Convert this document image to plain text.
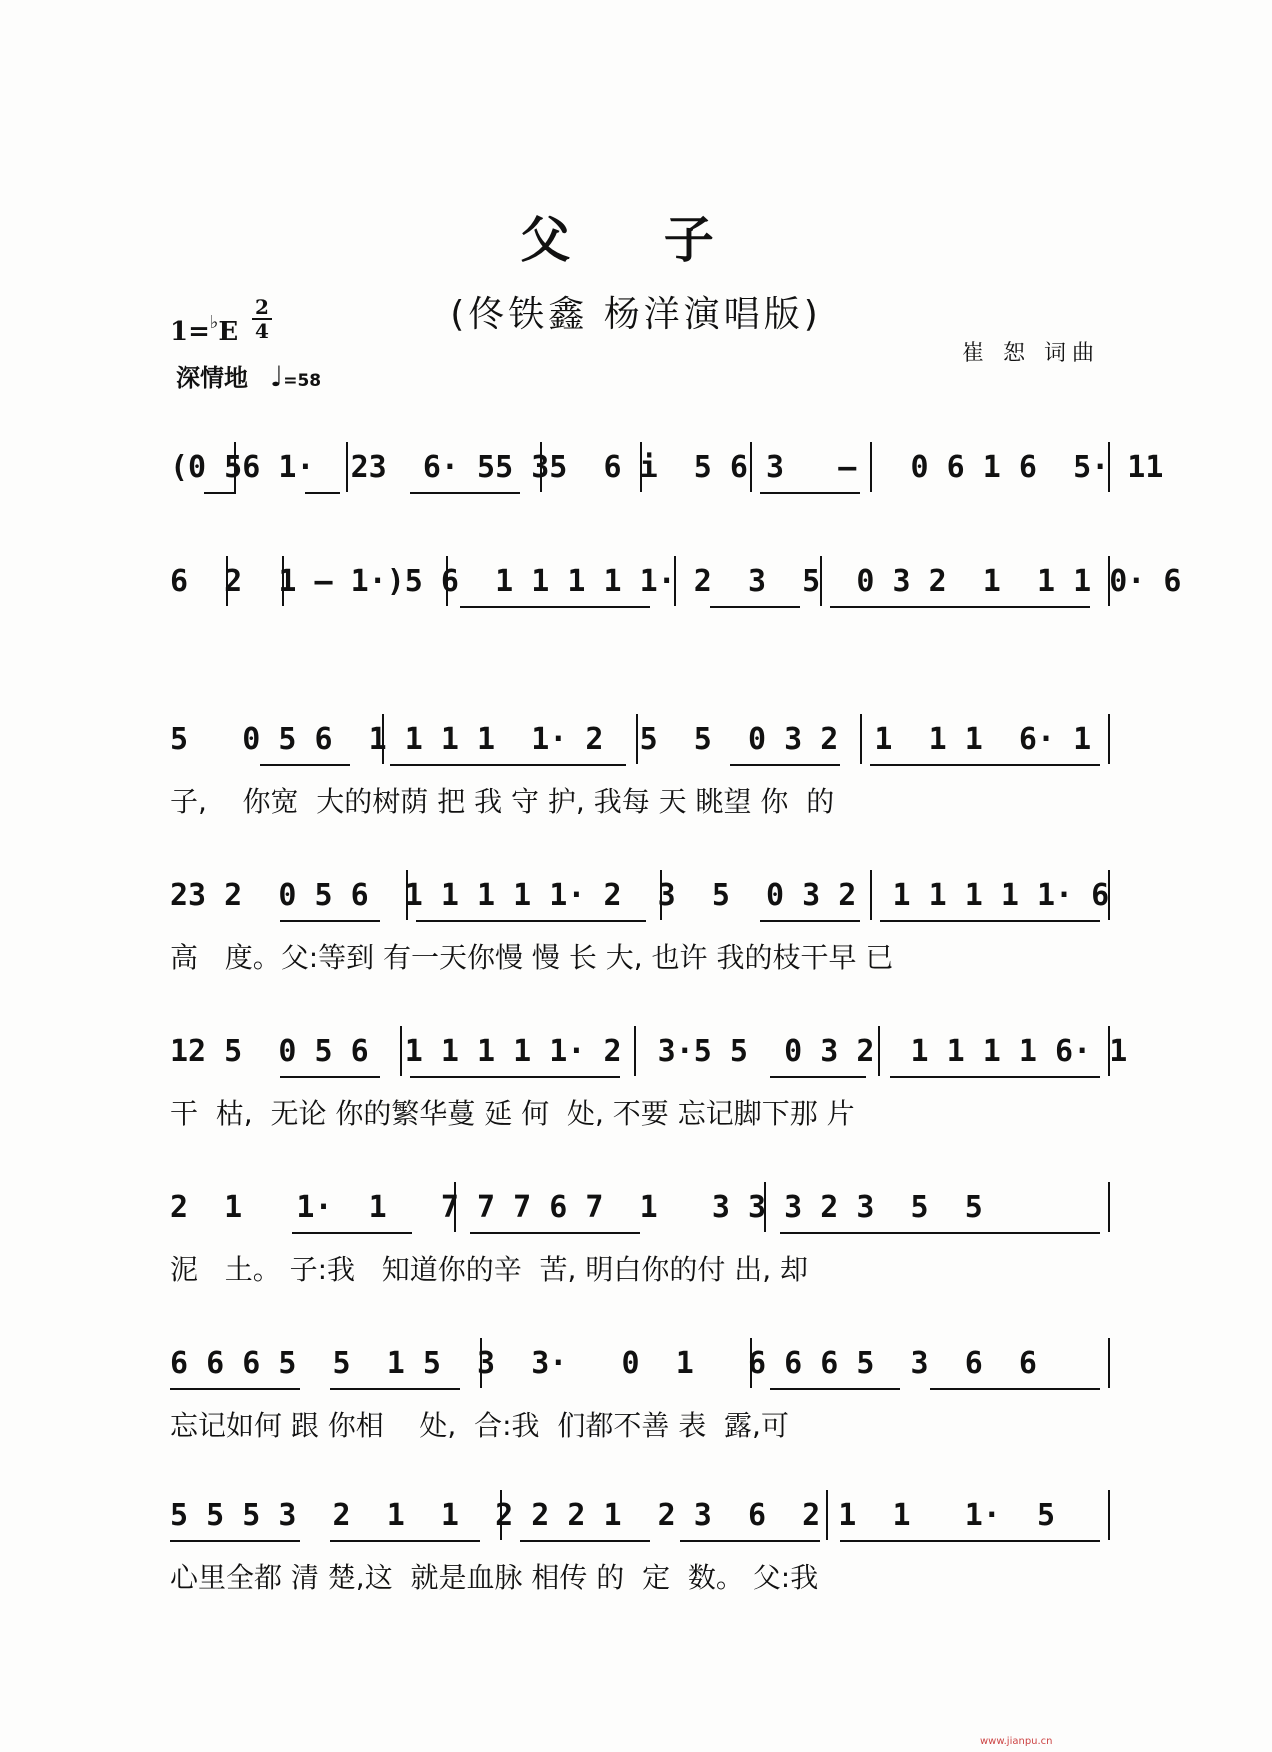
父 子
(佟铁鑫 杨洋演唱版)
1=♭E
2
4
深情地 ♩=58
崔 恕 词曲
(0 56 1·  23  6· 55 35  6 i  5 6 3   —   0 6 1 6  5· 11
6  2  1 — 1·)5 6  1 1 1 1 1· 2  3  5  0 3 2  1  1 1 0· 6
5   0 5 6  1 1 1 1  1· 2  5  5  0 3 2  1  1 1  6· 1
子,    你宽  大的树荫 把 我 守 护, 我每 天 眺望 你  的
23 2  0 5 6  1 1 1 1 1· 2  3  5  0 3 2  1 1 1 1 1· 6
高   度。父:等到 有一天你慢 慢 长 大, 也许 我的枝干早 已
12 5  0 5 6  1 1 1 1 1· 2  3·5 5  0 3 2  1 1 1 1 6· 1
干  枯,  无论 你的繁华蔓 延 何  处, 不要 忘记脚下那 片
2  1   1·  1   7 7 7 6 7  1   3 3 3 2 3  5  5
泥   土。 子:我   知道你的辛  苦, 明白你的付 出, 却
6 6 6 5  5  1 5  3  3·   0  1   6 6 6 5  3  6  6
忘记如何 跟 你相    处,  合:我  们都不善 表  露,可
5 5 5 3  2  1  1  2 2 2 1  2 3  6  2 1  1   1·  5
心里全都 清 楚,这  就是血脉 相传 的  定  数。 父:我
www.jianpu.cn
